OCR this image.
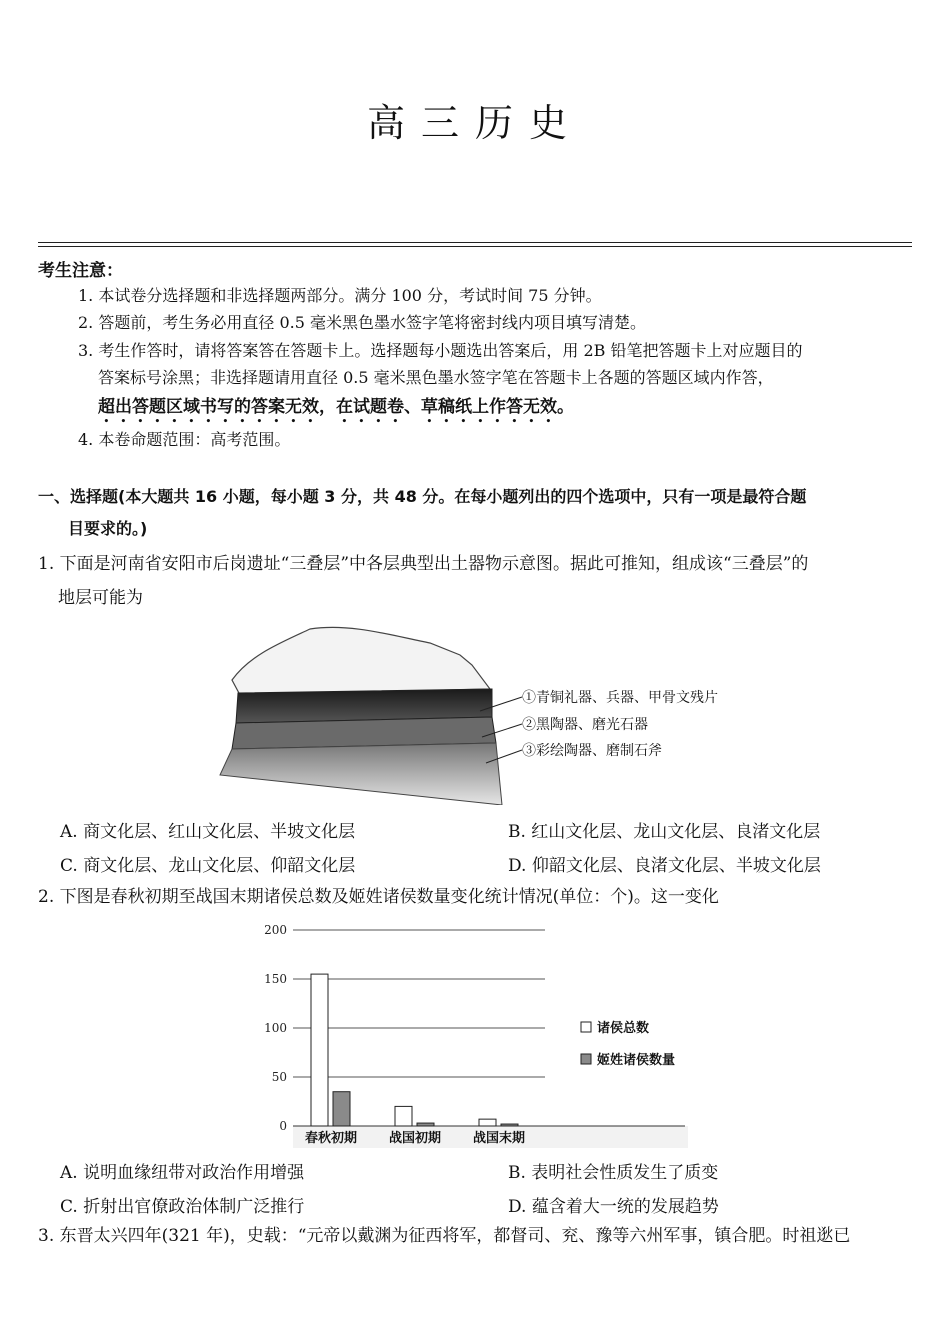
高三历史
考生注意：
1. 本试卷分选择题和非选择题两部分。满分 100 分，考试时间 75 分钟。
2. 答题前，考生务必用直径 0.5 毫米黑色墨水签字笔将密封线内项目填写清楚。
3. 考生作答时，请将答案答在答题卡上。选择题每小题选出答案后，用 2B 铅笔把答题卡上对应题目的
答案标号涂黑；非选择题请用直径 0.5 毫米黑色墨水签字笔在答题卡上各题的答题区域内作答，
超出答题区域书写的答案无效，在试题卷、草稿纸上作答无效。
4. 本卷命题范围：高考范围。
一、选择题(本大题共 16 小题，每小题 3 分，共 48 分。在每小题列出的四个选项中，只有一项是最符合题
目要求的。)
1. 下面是河南省安阳市后岗遗址“三叠层”中各层典型出土器物示意图。据此可推知，组成该“三叠层”的
地层可能为
①青铜礼器、兵器、甲骨文残片
②黑陶器、磨光石器
③彩绘陶器、磨制石斧
A. 商文化层、红山文化层、半坡文化层	B. 红山文化层、龙山文化层、良渚文化层
C. 商文化层、龙山文化层、仰韶文化层	D. 仰韶文化层、良渚文化层、半坡文化层
2. 下图是春秋初期至战国末期诸侯总数及姬姓诸侯数量变化统计情况(单位：个)。这一变化
0
50
100
150
200
春秋初期 战国初期 战国末期
诸侯总数
姬姓诸侯数量
A. 说明血缘纽带对政治作用增强	B. 表明社会性质发生了质变
C. 折射出官僚政治体制广泛推行	D. 蕴含着大一统的发展趋势
3. 东晋太兴四年(321 年)，史载：“元帝以戴渊为征西将军，都督司、兖、豫等六州军事，镇合肥。时祖逖已
